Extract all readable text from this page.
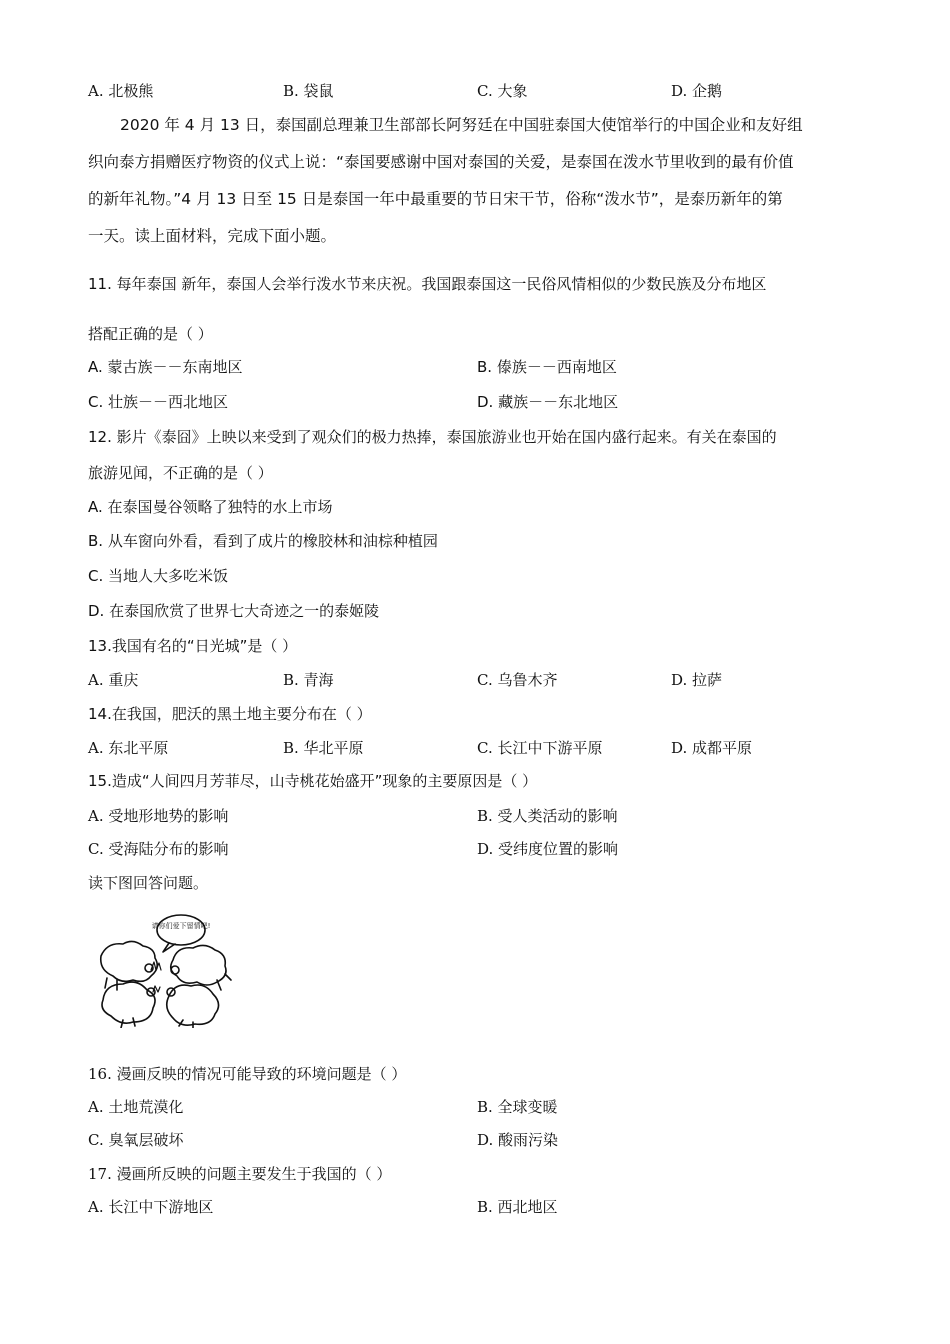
A. 北极熊	B. 袋鼠	C. 大象	D. 企鹅
2020 年 4 月 13 日，泰国副总理兼卫生部部长阿努廷在中国驻泰国大使馆举行的中国企业和友好组
织向泰方捐赠医疗物资的仪式上说：“泰国要感谢中国对泰国的关爱，是泰国在泼水节里收到的最有价值
的新年礼物。”4 月 13 日至 15 日是泰国一年中最重要的节日宋干节，俗称“泼水节”，是泰历新年的第
一天。读上面材料，完成下面小题。
11. 每年泰国 新年，泰国人会举行泼水节来庆祝。我国跟泰国这一民俗风情相似的少数民族及分布地区
搭配正确的是（ ）
A. 蒙古族－－东南地区	B. 傣族－－西南地区
C. 壮族－－西北地区	D. 藏族－－东北地区
12. 影片《泰囧》上映以来受到了观众们的极力热捧，泰国旅游业也开始在国内盛行起来。有关在泰国的
旅游见闻，不正确的是（ ）
A. 在泰国曼谷领略了独特的水上市场
B. 从车窗向外看，看到了成片的橡胶林和油棕种植园
C. 当地人大多吃米饭
D. 在泰国欣赏了世界七大奇迹之一的泰姬陵
13.我国有名的“日光城”是（ ）
A. 重庆	B. 青海	C. 乌鲁木齐	D. 拉萨
14.在我国，肥沃的黑土地主要分布在（ ）
A. 东北平原	B. 华北平原	C. 长江中下游平原	D. 成都平原
15.造成“人间四月芳菲尽，山寺桃花始盛开”现象的主要原因是（ ）
A. 受地形地势的影响	B. 受人类活动的影响
C. 受海陆分布的影响	D. 受纬度位置的影响
读下图回答问题。
请你们爱下留情吧!
16. 漫画反映的情况可能导致的环境问题是（ ）
A. 土地荒漠化	B. 全球变暖
C. 臭氧层破坏	D. 酸雨污染
17. 漫画所反映的问题主要发生于我国的（ ）
A. 长江中下游地区	B. 西北地区
